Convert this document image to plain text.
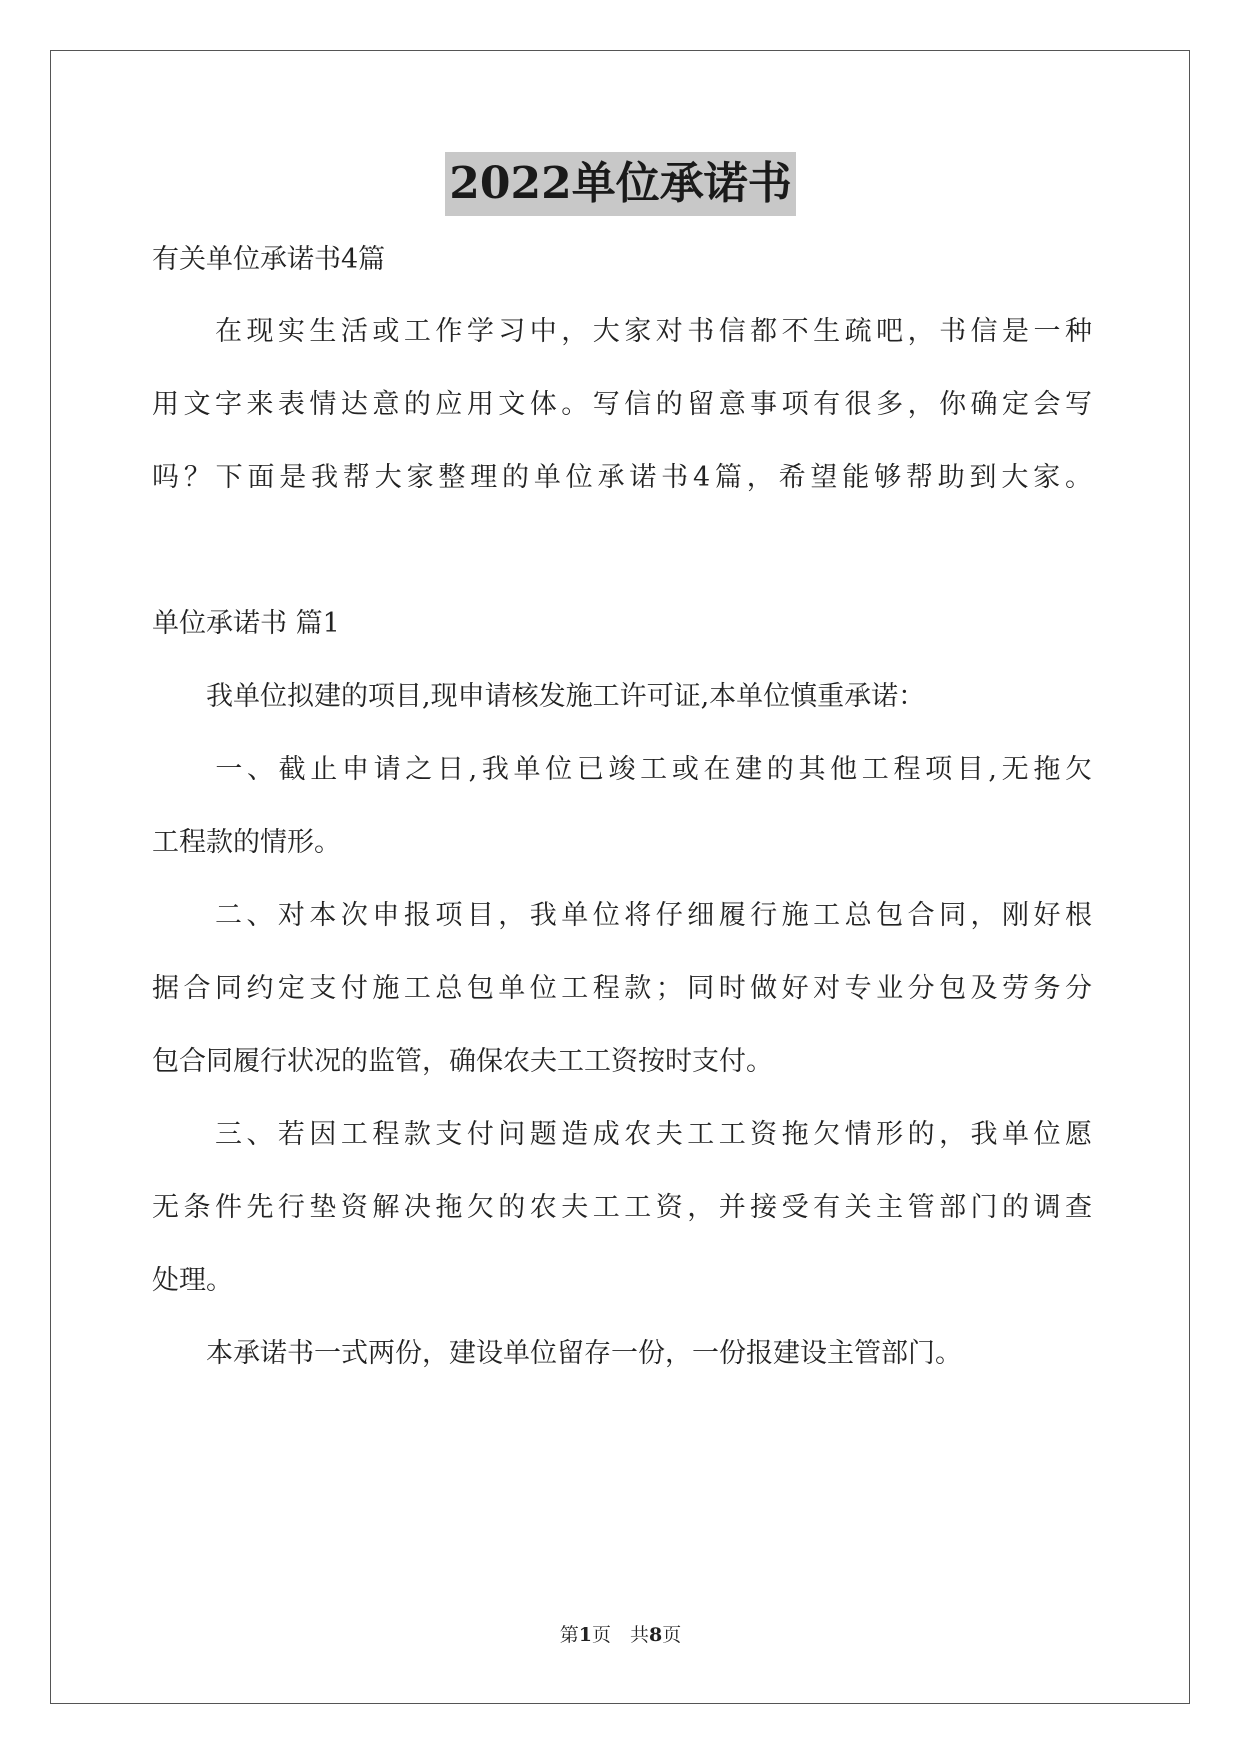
2022单位承诺书
有关单位承诺书4篇
　　在现实生活或工作学习中，大家对书信都不生疏吧，书信是一种
用文字来表情达意的应用文体。写信的留意事项有很多，你确定会写
吗？下面是我帮大家整理的单位承诺书4篇，希望能够帮助到大家。
单位承诺书 篇1
　　我单位拟建的项目,现申请核发施工许可证,本单位慎重承诺：
　　一、截止申请之日,我单位已竣工或在建的其他工程项目,无拖欠
工程款的情形。
　　二、对本次申报项目，我单位将仔细履行施工总包合同，刚好根
据合同约定支付施工总包单位工程款；同时做好对专业分包及劳务分
包合同履行状况的监管，确保农夫工工资按时支付。
　　三、若因工程款支付问题造成农夫工工资拖欠情形的，我单位愿
无条件先行垫资解决拖欠的农夫工工资，并接受有关主管部门的调查
处理。
　　本承诺书一式两份，建设单位留存一份，一份报建设主管部门。
第1页　共8页
